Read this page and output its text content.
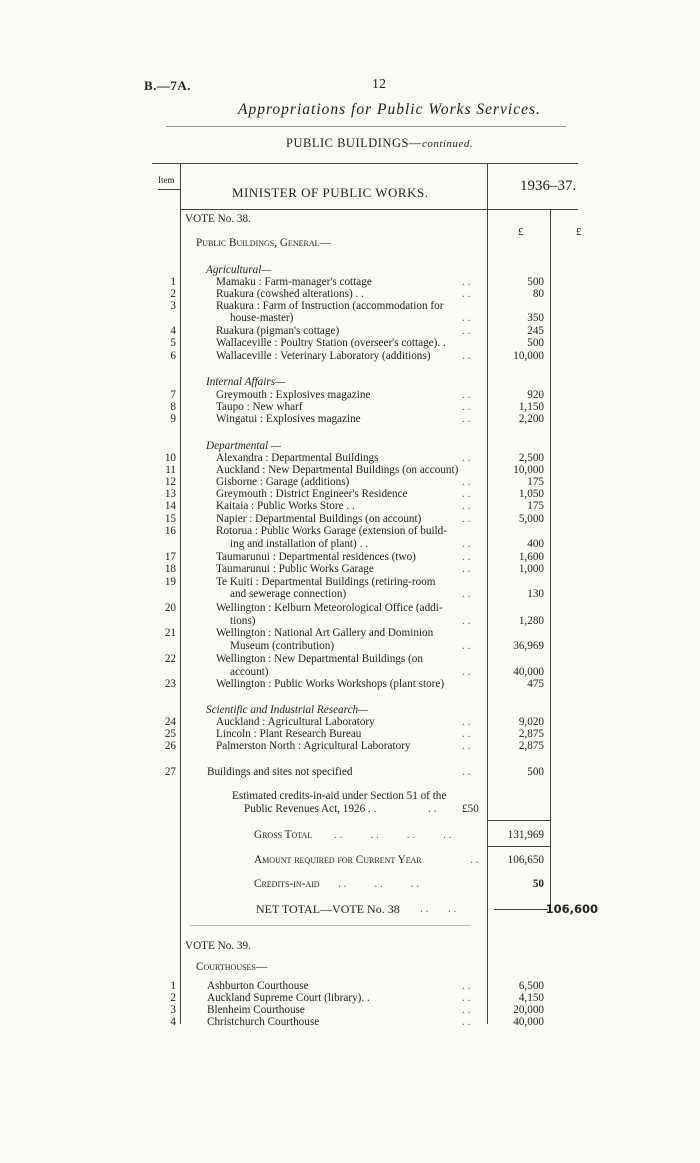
B.—7A.	12
Appropriations for Public Works Services.
PUBLIC BUILDINGS—continued.
Item
MINISTER OF PUBLIC WORKS.	1936–37.
£	£
VOTE No. 38.
Public Buildings, General—
Agricultural—
1	Mamaku : Farm-manager's cottage	. .	500
2	Ruakura (cowshed alterations) . .	. .	80
3	Ruakura : Farm of Instruction (accommodation for
house-master)	. .	350
4	Ruakura (pigman's cottage)	. .	245
5	Wallaceville : Poultry Station (overseer's cottage). .	500
6	Wallaceville : Veterinary Laboratory (additions)	. .	10,000
Internal Affairs—
7	Greymouth : Explosives magazine	. .	920
8	Taupo : New wharf	. .	1,150
9	Wingatui : Explosives magazine	. .	2,200
Departmental —
10	Alexandra : Departmental Buildings	. .	2,500
11	Auckland : New Departmental Buildings (on account)	10,000
12	Gisborne : Garage (additions)	. .	175
13	Greymouth : District Engineer's Residence	. .	1,050
14	Kaitaia : Public Works Store . .	. .	175
15	Napier : Departmental Buildings (on account)	. .	5,000
16	Rotorua : Public Works Garage (extension of build-
ing and installation of plant) . .	. .	400
17	Taumarunui : Departmental residences (two)	. .	1,600
18	Taumarunui : Public Works Garage	. .	1,000
19	Te Kuiti : Departmental Buildings (retiring-room
and sewerage connection)	. .	130
20	Wellington : Kelburn Meteorological Office (addi-
tions)	. .	1,280
21	Wellington : National Art Gallery and Dominion
Museum (contribution)	. .	36,969
22	Wellington : New Departmental Buildings (on
account)	. .	40,000
23	Wellington : Public Works Workshops (plant store)	475
Scientific and Industrial Research—
24	Auckland : Agricultural Laboratory	. .	9,020
25	Lincoln : Plant Research Bureau	. .	2,875
26	Palmerston North : Agricultural Laboratory	. .	2,875
27	Buildings and sites not specified	. .	500
Estimated credits-in-aid under Section 51 of the
Public Revenues Act, 1926 . .	. . £50
Gross Total . .          . .          . .          . .	131,969
Amount required for Current Year	. .	106,650
Credits-in-aid . .          . .          . .	50
NET TOTAL—VOTE No. 38 . .       . .	106,600
VOTE No. 39.
Courthouses—
1	Ashburton Courthouse	. .	6,500
2	Auckland Supreme Court (library). .	. .	4,150
3	Blenheim Courthouse	. .	20,000
4	Christchurch Courthouse	. .	40,000
